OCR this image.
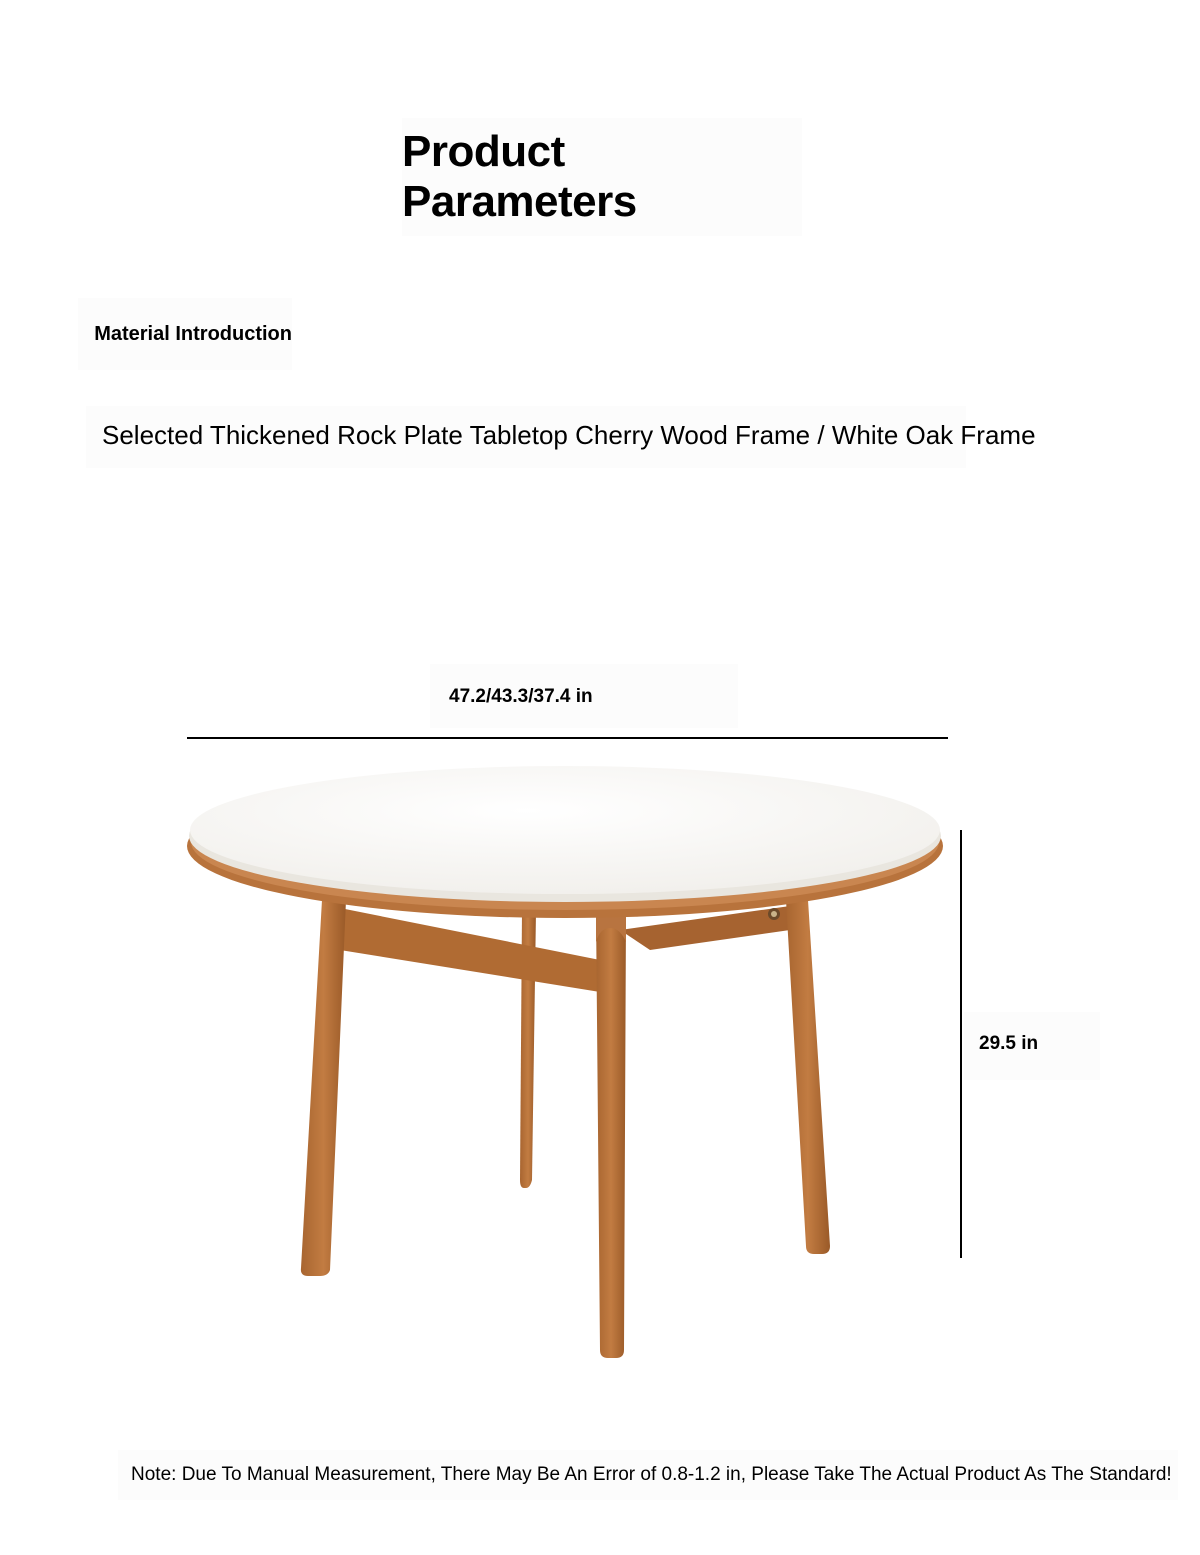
Product Parameters
Material Introduction
Selected Thickened Rock Plate Tabletop Cherry Wood Frame / White Oak Frame
47.2/43.3/37.4 in
29.5 in
Note: Due To Manual Measurement, There May Be An Error of 0.8-1.2 in, Please Take The Actual Product As The Standard!
